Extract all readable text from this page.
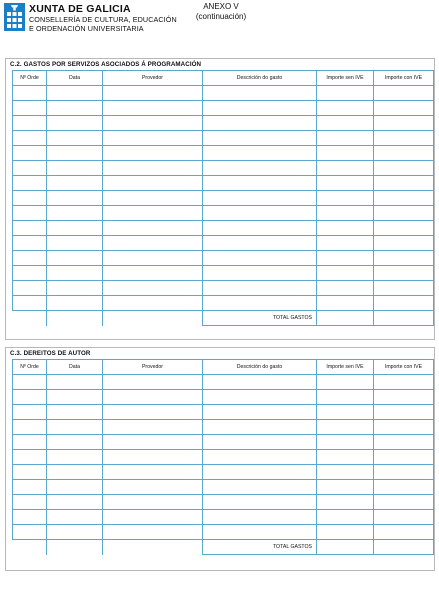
XUNTA DE GALICIA
CONSELLERÍA DE CULTURA, EDUCACIÓN
E ORDENACIÓN UNIVERSITARIA
ANEXO V
(continuación)
C.2. GASTOS POR SERVIZOS ASOCIADOS Á PROGRAMACIÓN
Nº Orde	Data	Provedor	Descrición do gasto	Importe sen IVE	Importe con IVE

			TOTAL GASTOS		
C.3. DEREITOS DE AUTOR
Nº Orde	Data	Provedor	Descrición do gasto	Importe sen IVE	Importe con IVE

			TOTAL GASTOS		
